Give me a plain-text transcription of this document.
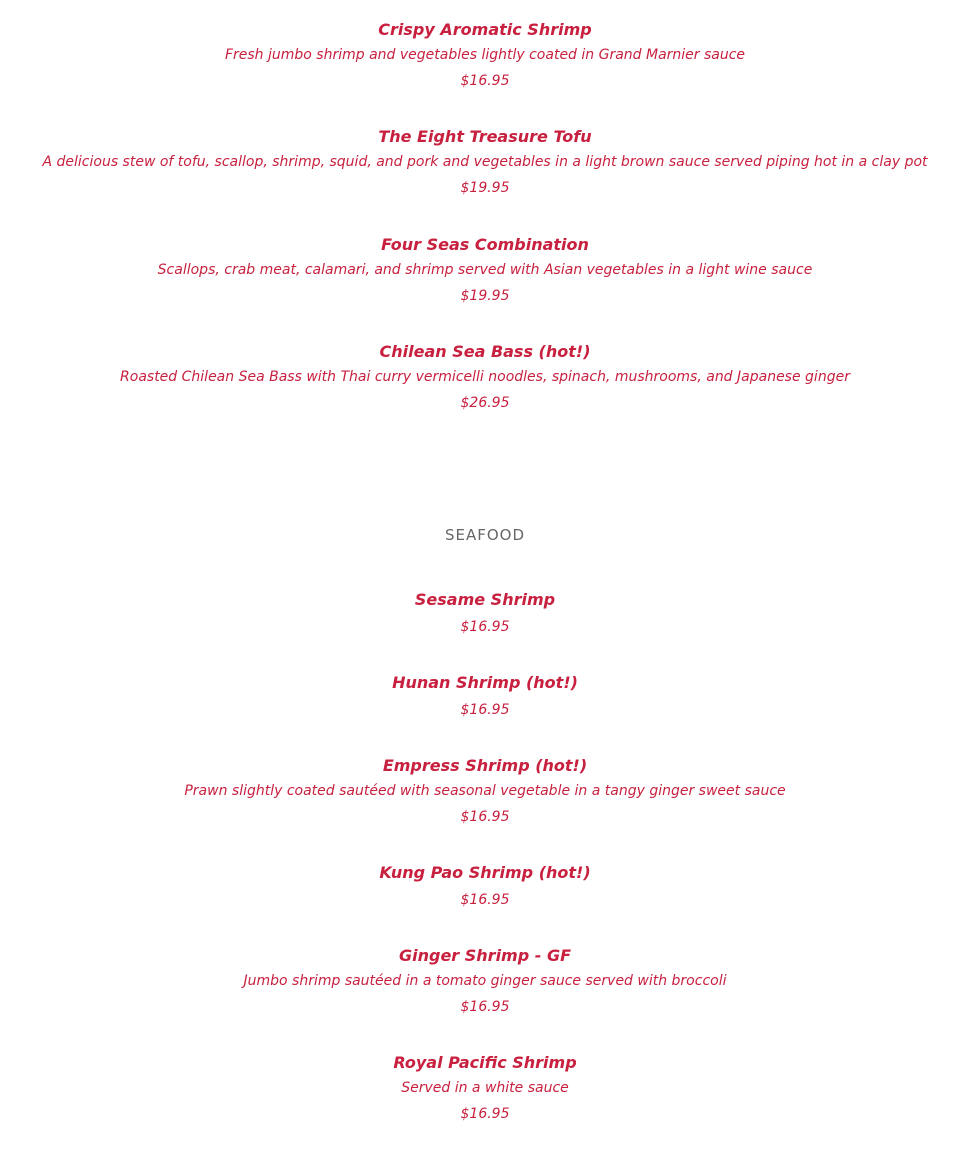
Crispy Aromatic Shrimp
Fresh jumbo shrimp and vegetables lightly coated in Grand Marnier sauce
$16.95
The Eight Treasure Tofu
A delicious stew of tofu, scallop, shrimp, squid, and pork and vegetables in a light brown sauce served piping hot in a clay pot
$19.95
Four Seas Combination
Scallops, crab meat, calamari, and shrimp served with Asian vegetables in a light wine sauce
$19.95
Chilean Sea Bass (hot!)
Roasted Chilean Sea Bass with Thai curry vermicelli noodles, spinach, mushrooms, and Japanese ginger
$26.95
SEAFOOD
Sesame Shrimp
$16.95
Hunan Shrimp (hot!)
$16.95
Empress Shrimp (hot!)
Prawn slightly coated sautéed with seasonal vegetable in a tangy ginger sweet sauce
$16.95
Kung Pao Shrimp (hot!)
$16.95
Ginger Shrimp - GF
Jumbo shrimp sautéed in a tomato ginger sauce served with broccoli
$16.95
Royal Pacific Shrimp
Served in a white sauce
$16.95
